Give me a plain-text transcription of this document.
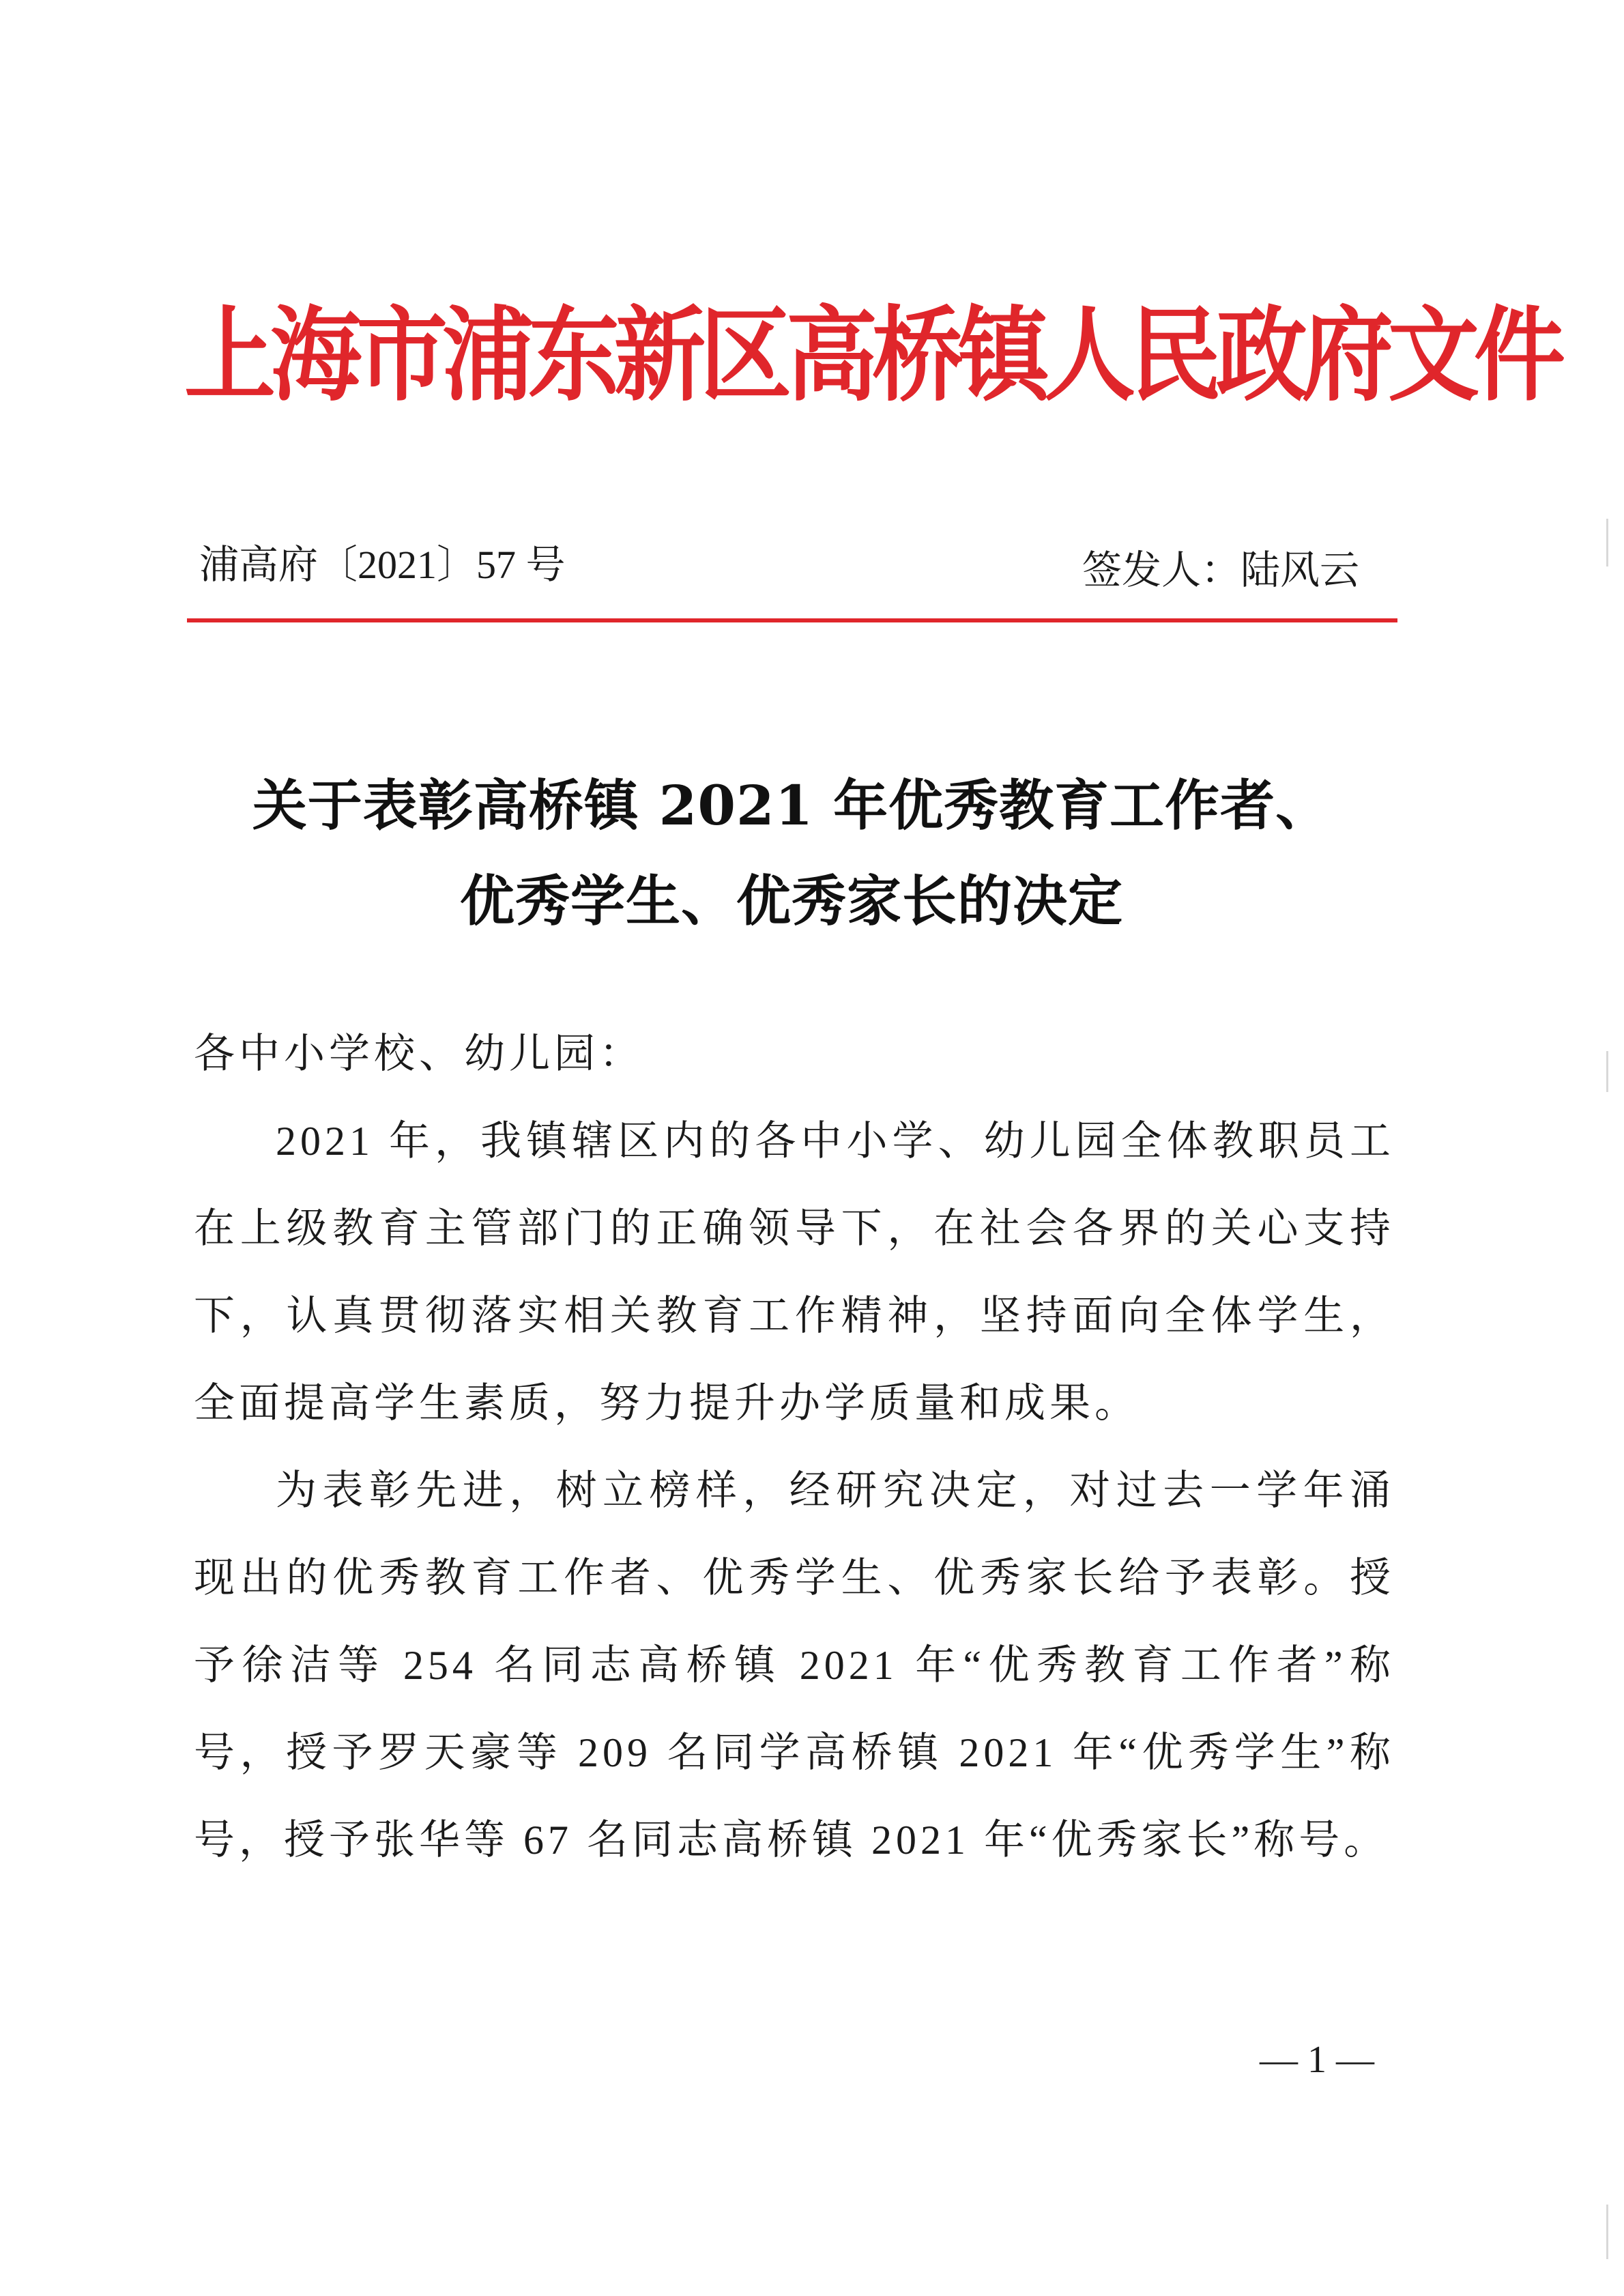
上海市浦东新区高桥镇人民政府文件
浦高府〔2021〕57 号	签发人：陆风云
关于表彰高桥镇 2021 年优秀教育工作者、
优秀学生、优秀家长的决定

各中小学校、幼儿园：

2021 年，我镇辖区内的各中小学、幼儿园全体教职员工在上级教育主管部门的正确领导下，在社会各界的关心支持下，认真贯彻落实相关教育工作精神，坚持面向全体学生，全面提高学生素质，努力提升办学质量和成果。

为表彰先进，树立榜样，经研究决定，对过去一学年涌现出的优秀教育工作者、优秀学生、优秀家长给予表彰。授予徐洁等 254 名同志高桥镇 2021 年“优秀教育工作者”称号，授予罗天豪等 209 名同学高桥镇 2021 年“优秀学生”称号，授予张华等 67 名同志高桥镇 2021 年“优秀家长”称号。

— 1 —
